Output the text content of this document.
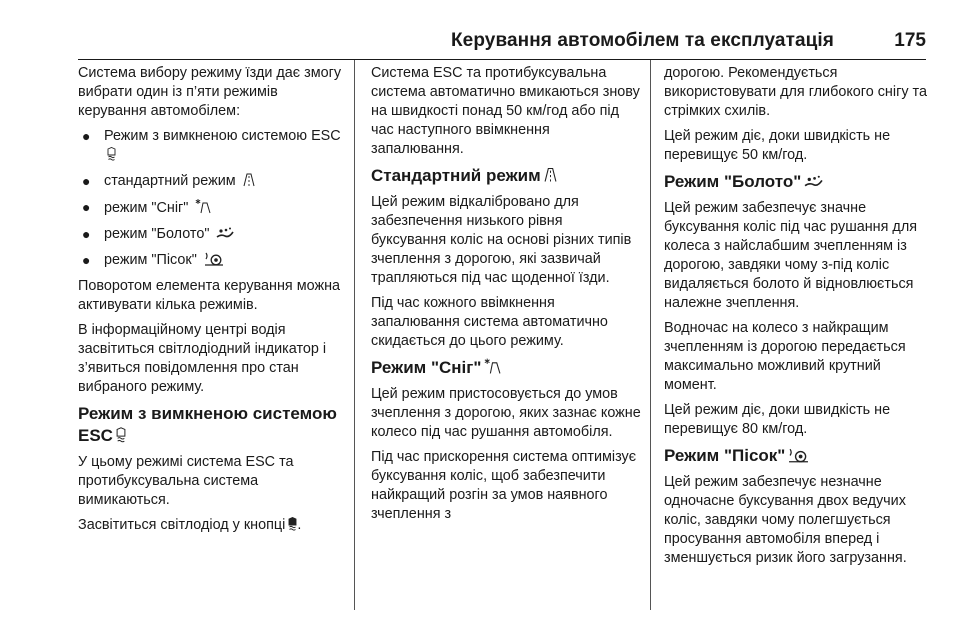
Керування автомобілем та експлуатація	175

Система вибору режиму їзди дає змогу вибрати один із п’яти режимів керування автомобілем:

● Режим з вимкненою системою ESC
● стандартний режим
● режим "Сніг"
● режим "Болото"
● режим "Пісок"

Поворотом елемента керування можна активувати кілька режимів.

В інформаційному центрі водія засвітиться світлодіодний індикатор і з’явиться повідомлення про стан вибраного режиму.

Режим з вимкненою системою ESC

У цьому режимі система ESC та протибуксувальна система вимикаються.

Засвітиться світлодіод у кнопці .

Система ESC та протибуксувальна система автоматично вмикаються знову на швидкості понад 50 км/год або під час наступного ввімкнення запалювання.

Стандартний режим

Цей режим відкалібровано для забезпечення низького рівня буксування коліс на основі різних типів зчеплення з дорогою, які зазвичай трапляються під час щоденної їзди.

Під час кожного ввімкнення запалювання система автоматично скидається до цього режиму.

Режим "Сніг"

Цей режим пристосовується до умов зчеплення з дорогою, яких зазнає кожне колесо під час рушання автомобіля.

Під час прискорення система оптимізує буксування коліс, щоб забезпечити найкращий розгін за умов наявного зчеплення з

дорогою. Рекомендується використовувати для глибокого снігу та стрімких схилів.

Цей режим діє, доки швидкість не перевищує 50 км/год.

Режим "Болото"

Цей режим забезпечує значне буксування коліс під час рушання для колеса з найслабшим зчепленням із дорогою, завдяки чому з-під коліс видаляється болото й відновлюється належне зчеплення.

Водночас на колесо з найкращим зчепленням із дорогою передається максимально можливий крутний момент.

Цей режим діє, доки швидкість не перевищує 80 км/год.

Режим "Пісок"

Цей режим забезпечує незначне одночасне буксування двох ведучих коліс, завдяки чому полегшується просування автомобіля вперед і зменшується ризик його загрузання.
